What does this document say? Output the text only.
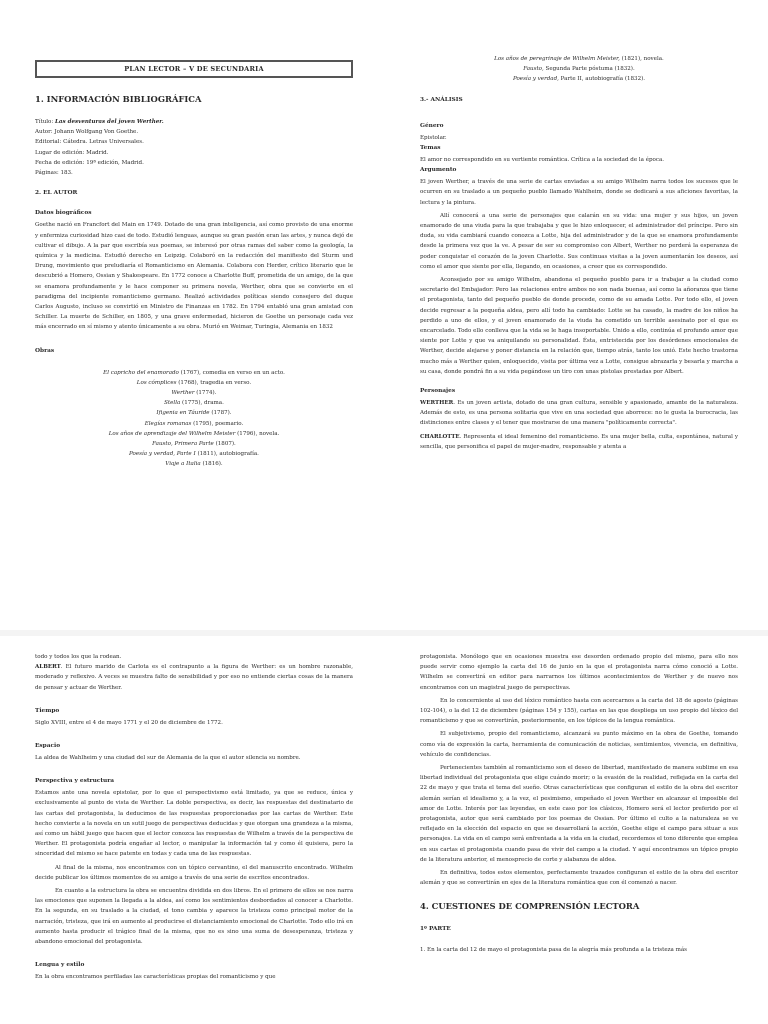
PLAN LECTOR – V DE SECUNDARIA
1. INFORMACIÓN BIBLIOGRÁFICA

Título: Las desventuras del joven Werther.

Autor: Johann Wolfgang Von Goethe.

Editorial: Cátedra. Letras Universales.

Lugar de edición: Madrid.

Fecha de edición: 19ª edición, Madrid.

Páginas: 183.

2. EL AUTOR
Datos biográficos

Goethe nació en Francfort del Main en 1749. Dotado de una gran inteligencia, así como provisto de una enorme y enfermiza curiosidad hizo casi de todo. Estudió lenguas, aunque su gran pasión eran las artes, y nunca dejó de cultivar el dibujo. A la par que escribía sus poemas, se interesó por otras ramas del saber como la geología, la química y la medicina. Estudió derecho en Leipzig. Colaboró en la redacción del manifiesto del Sturm und Drung, movimiento que preludiaría el Romanticismo en Alemania. Colabora con Herder, crítico literario que le descubrió a Homero, Ossian y Shakespeare. En 1772 conoce a Charlotte Buff, prometida de un amigo, de la que se enamora profundamente y le hace componer su primera novela, Werther, obra que se convierte en el paradigma del incipiente romanticismo germano. Realizó actividades políticas siendo consejero del duque Carlos Augusto, incluso se convirtió en Ministro de Finanzas en 1782. En 1794 entabló una gran amistad con Schiller. La muerte de Schiller, en 1805, y una grave enfermedad, hicieron de Goethe un personaje cada vez más encerrado en sí mismo y atento únicamente a su obra. Murió en Weimar, Turingia, Alemania en 1832

Obras

El capricho del enamorado (1767), comedia en verso en un acto.

Los cómplices (1768), tragedia en verso.

Werther (1774).

Stella (1775), drama.

Ifigenia en Táuride (1787).

Elegías romanas (1795), poemario.

Los años de aprendizaje del Wilhelm Meister (1796), novela.

Fausto, Primera Parte (1807).

Poesía y verdad, Parte I (1811), autobiografía.

Viaje a Italia (1816).

Los años de peregrinaje de Wilhelm Meister, (1821), novela.

Fausto, Segunda Parte póstuma (1832).

Poesía y verdad, Parte II, autobiografía (1832).

3.- ANÁLISIS
Género

Epistolar.

Temas

El amor no correspondido en su vertiente romántica. Crítica a la sociedad de la época.

Argumento

El joven Werther, a través de una serie de cartas enviadas a su amigo Wilhelm narra todos los sucesos que le ocurren en su traslado a un pequeño pueblo llamado Wahlheim, donde se dedicará a sus aficiones favoritas, la lectura y la pintura.

Allí conocerá a una serie de personajes que calarán en su vida: una mujer y sus hijos, un joven enamorado de una viuda para la que trabajaba y que le hizo enloquecer, el administrador del príncipe. Pero sin duda, su vida cambiará cuando conozca a Lotte, hija del administrador y de la que se enamora profundamente desde la primera vez que la ve. A pesar de ser su compromiso con Albert, Werther no perderá la esperanza de poder conquistar el corazón de la joven Charlotte. Sus continuas visitas a la joven aumentarán los deseos, así como el amor que siente por ella, llegando, en ocasiones, a creer que es correspondido.

Aconsejado por su amigo Wilhelm, abandona el pequeño pueblo para ir a trabajar a la ciudad como secretario del Embajador: Pero las relaciones entre ambos no son nada buenas, así como la añoranza que tiene el protagonista, tanto del pequeño pueblo de donde procede, como de su amada Lotte. Por todo ello, el joven decide regresar a la pequeña aldea, pero allí todo ha cambiado: Lotte se ha casado, la madre de los niños ha perdido a uno de ellos, y el joven enamorado de la viuda ha cometido un terrible asesinato por el que es encarcelado. Todo ello conlleva que la vida se le haga insoportable. Unido a ello, continúa el profundo amor que siente por Lotte y que va aniquilando su personalidad. Ésta, entristecida por los desórdenes emocionales de Werther, decide alejarse y poner distancia en la relación que, tiempo atrás, tanto los unió. Este hecho trastorna mucho más a Werther quien, enloquecido, visita por última vez a Lotte, consigue abrazarla y besarla y marcha a su casa, donde pondrá fin a su vida pegándose un tiro con unas pistolas prestadas por Albert.

Personajes

WERTHER. Es un joven artista, dotado de una gran cultura, sensible y apasionado, amante de la naturaleza. Además de esto, es una persona solitaria que vive en una sociedad que aborrece: no le gusta la burocracia, las distinciones entre clases y el tener que mostrarse de una manera "políticamente correcta".

CHARLOTTE. Representa el ideal femenino del romanticismo. Es una mujer bella, culta, espontánea, natural y sencilla, que personifica el papel de mujer-madre, responsable y atenta a

todo y todos los que la rodean.

ALBERT. El futuro marido de Carlota es el contrapunto a la figura de Werther: es un hombre razonable, moderado y reflexivo. A veces se muestra falto de sensibilidad y por eso no entiende ciertas cosas de la manera de pensar y actuar de Werther.

Tiempo

Siglo XVIII, entre el 4 de mayo 1771 y el 20 de diciembre de 1772.

Espacio

La aldea de Wahlheim y una ciudad del sur de Alemania de la que el autor silencia su nombre.

Perspectiva y estructura

Estamos ante una novela epistolar, por lo que el perspectivismo está limitado, ya que se reduce, única y exclusivamente al punto de vista de Werther. La doble perspectiva, es decir, las respuestas del destinatario de las cartas del protagonista, la deducimos de las respuestas proporcionadas por las cartas de Werther. Este hecho convierte a la novela en un sutil juego de perspectivas deducidas y que otorgan una grandeza a la misma, así como un hábil juego que hacen que el lector conozca las respuestas de Wilhelm a través de la perspectiva de Werther. El protagonista podría engañar al lector, o manipular la información tal y como él quisiera, pero la sinceridad del mismo se hace patente en todas y cada una de las respuestas.

Al final de la misma, nos encontramos con un tópico cervantino, el del manuscrito encontrado. Wilhelm decide publicar los últimos momentos de su amigo a través de una serie de escritos encontrados.

En cuanto a la estructura la obra se encuentra dividida en dos libros. En el primero de ellos se nos narra las emociones que suponen la llegada a la aldea, así como los sentimientos desbordados al conocer a Charlotte. En la segunda, en su traslado a la ciudad, el tono cambia y aparece la tristeza como principal motor de la narración, tristeza, que irá en aumento al producirse el distanciamiento emocional de Charlotte. Todo ello irá en aumento hasta producir el trágico final de la misma, que no es sino una suma de desesperanza, tristeza y abandono emocional del protagonista.

Lengua y estilo

En la obra encontramos perfiladas las características propias del romanticismo y que

protagonista. Monólogo que en ocasiones muestra ese desorden ordenado propio del mismo, para ello nos puede servir como ejemplo la carta del 16 de junio en la que el protagonista narra cómo conoció a Lotte. Wilhelm se convertirá en editor para narrarnos los últimos acontecimientos de Werther y de nuevo nos encontramos con un magistral juego de perspectivas.

En lo concerniente al uso del léxico romántico hasta con acercarnos a la carta del 18 de agosto (páginas 102-104), o la del 12 de diciembre (páginas 154 y 155), cartas en las que despliega un uso propio del léxico del romanticismo y que se convertirán, posteriormente, en los tópicos de la lengua romántica.

El subjetivismo, propio del romanticismo, alcanzará su punto máximo en la obra de Goethe, tomando como vía de expresión la carta, herramienta de comunicación de noticias, sentimientos, vivencia, en definitiva, vehículo de confidencias.

Pertenecientes también al romanticismo son el deseo de libertad, manifestado de manera sublime en esa libertad individual del protagonista que elige cuándo morir; o la evasión de la realidad, reflejada en la carta del 22 de mayo y que trata el tema del sueño. Otras características que configuran el estilo de la obra del escritor alemán serían el idealismo y, a la vez, el pesimismo, empeñado el joven Werther en alcanzar el imposible del amor de Lotte. Interés por las leyendas, en este caso por los clásicos, Homero será el lector preferido por el protagonista, autor que será cambiado por los poemas de Ossian. Por último el culto a la naturaleza se ve reflejado en la elección del espacio en que se desarrollará la acción, Goethe elige el campo para situar a sus personajes. La vida en el campo será enfrentada a la vida en la ciudad, recordemos el tono diferente que emplea en sus cartas el protagonista cuando pasa de vivir del campo a la ciudad. Y aquí encontramos un tópico propio de la literatura anterior, el menosprecio de corte y alabanza de aldea.

En definitiva, todos estos elementos, perfectamente trazados configuran el estilo de la obra del escritor alemán y que se convertirán en ejes de la literatura romántica que con él comenzó a nacer.

4. CUESTIONES DE COMPRENSIÓN LECTORA
1º PARTE

1. En la carta del 12 de mayo el protagonista pasa de la alegría más profunda a la tristeza más
